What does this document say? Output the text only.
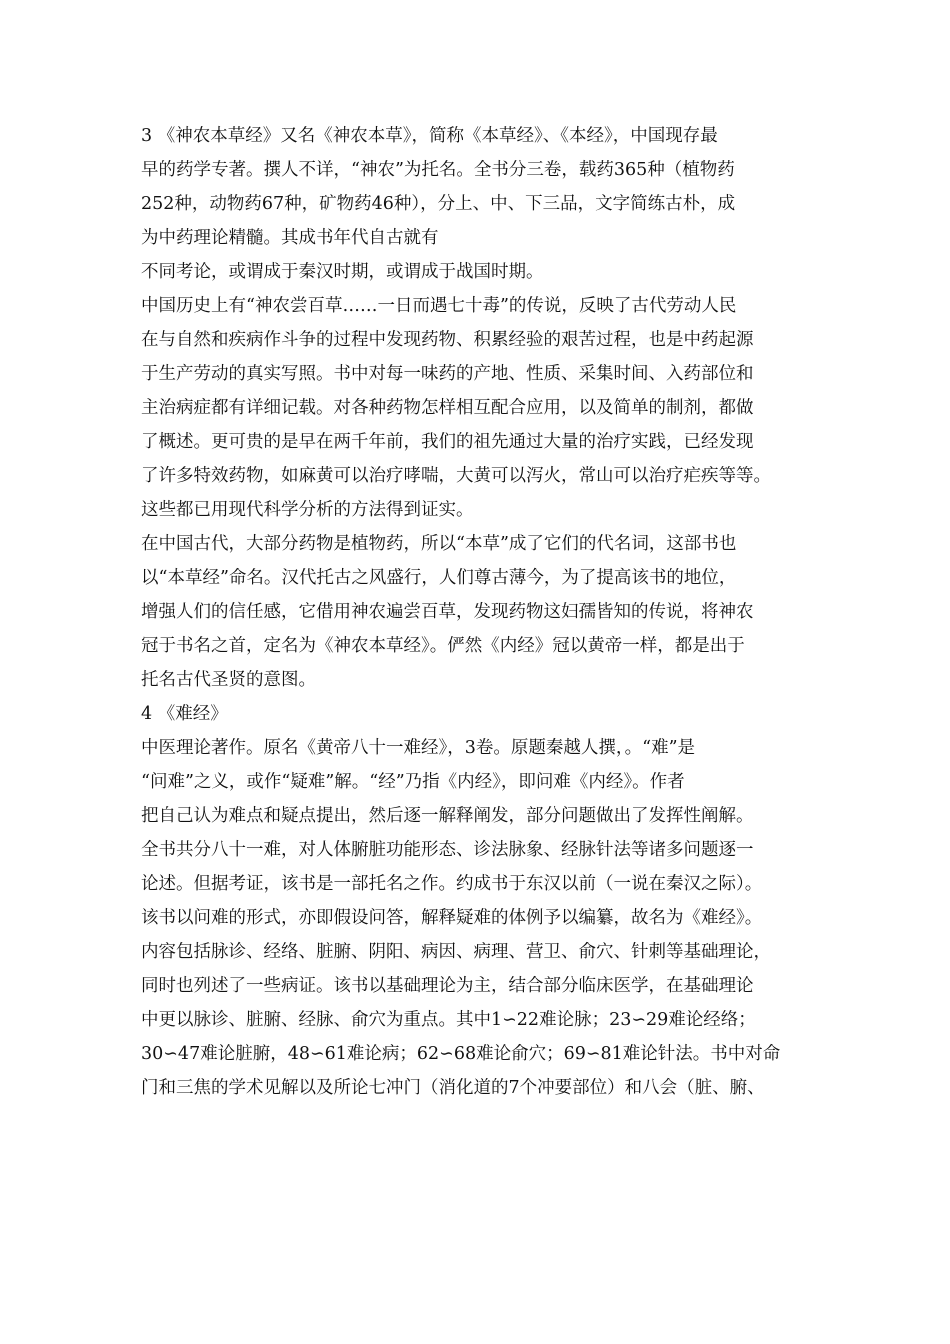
3 《神农本草经》又名《神农本草》，简称《本草经》、《本经》，中国现存最
早的药学专著。撰人不详，“神农”为托名。全书分三卷，载药365种（植物药
252种，动物药67种，矿物药46种），分上、中、下三品，文字简练古朴，成
为中药理论精髓。其成书年代自古就有
不同考论，或谓成于秦汉时期，或谓成于战国时期。
中国历史上有“神农尝百草……一日而遇七十毒”的传说，反映了古代劳动人民
在与自然和疾病作斗争的过程中发现药物、积累经验的艰苦过程，也是中药起源
于生产劳动的真实写照。书中对每一味药的产地、性质、采集时间、入药部位和
主治病症都有详细记载。对各种药物怎样相互配合应用，以及简单的制剂，都做
了概述。更可贵的是早在两千年前，我们的祖先通过大量的治疗实践，已经发现
了许多特效药物，如麻黄可以治疗哮喘，大黄可以泻火，常山可以治疗疟疾等等。
这些都已用现代科学分析的方法得到证实。
在中国古代，大部分药物是植物药，所以“本草”成了它们的代名词，这部书也
以“本草经”命名。汉代托古之风盛行，人们尊古薄今，为了提高该书的地位，
增强人们的信任感，它借用神农遍尝百草，发现药物这妇孺皆知的传说，将神农
冠于书名之首，定名为《神农本草经》。俨然《内经》冠以黄帝一样，都是出于
托名古代圣贤的意图。
4 《难经》
中医理论著作。原名《黄帝八十一难经》，3卷。原题秦越人撰，。“难”是
“问难”之义，或作“疑难”解。“经”乃指《内经》，即问难《内经》。作者
把自己认为难点和疑点提出，然后逐一解释阐发，部分问题做出了发挥性阐解。
全书共分八十一难，对人体腑脏功能形态、诊法脉象、经脉针法等诸多问题逐一
论述。但据考证，该书是一部托名之作。约成书于东汉以前（一说在秦汉之际）。
该书以问难的形式，亦即假设问答，解释疑难的体例予以编纂，故名为《难经》。
内容包括脉诊、经络、脏腑、阴阳、病因、病理、营卫、俞穴、针刺等基础理论，
同时也列述了一些病证。该书以基础理论为主，结合部分临床医学，在基础理论
中更以脉诊、脏腑、经脉、俞穴为重点。其中1∽22难论脉；23∽29难论经络；
30∽47难论脏腑，48∽61难论病；62∽68难论俞穴；69∽81难论针法。书中对命
门和三焦的学术见解以及所论七冲门（消化道的7个冲要部位）和八会（脏、腑、
